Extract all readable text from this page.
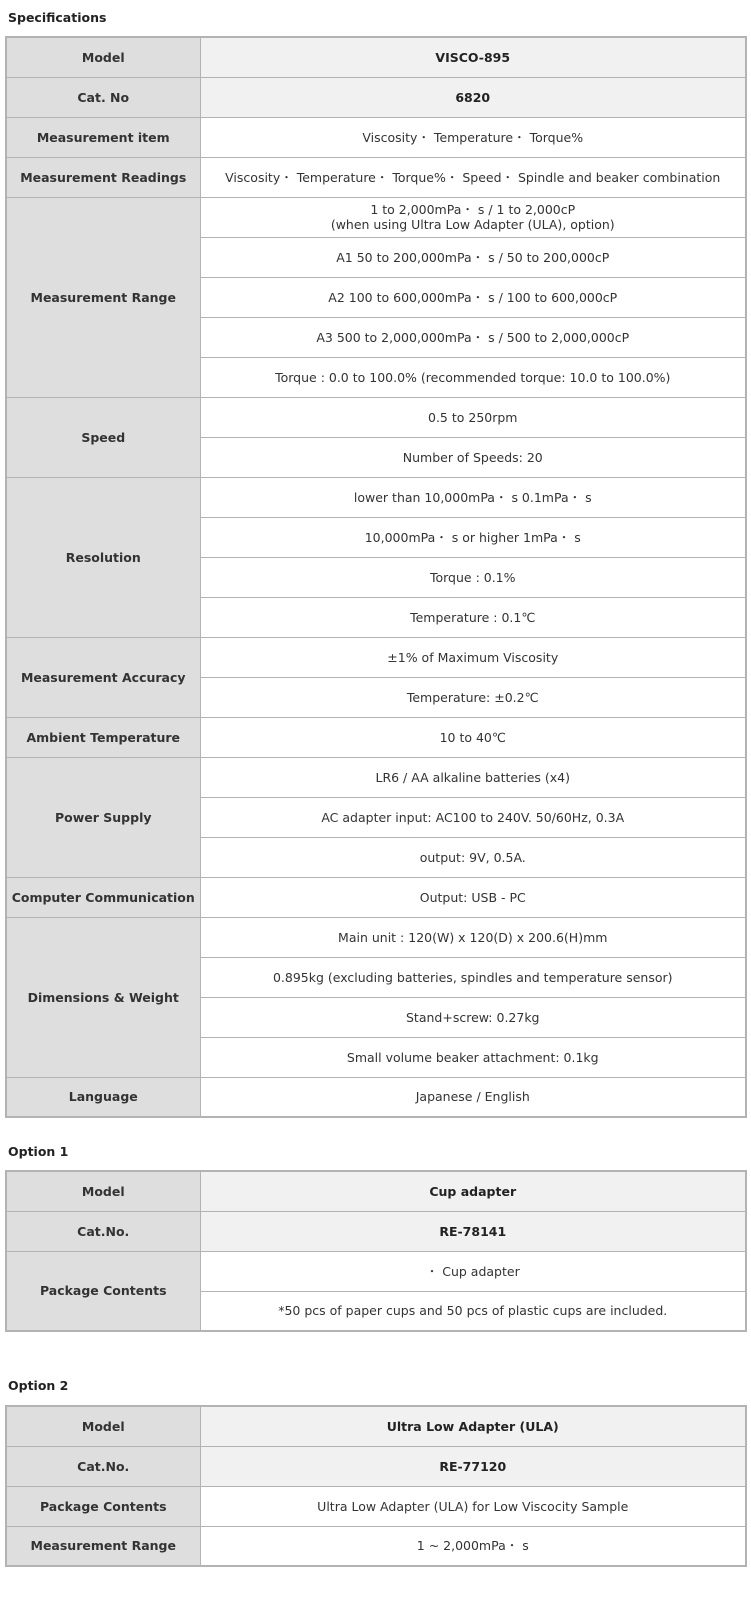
Specifications
Model	VISCO-895
Cat. No	6820
Measurement item	Viscosity・ Temperature・ Torque%
Measurement Readings	Viscosity・ Temperature・ Torque%・ Speed・ Spindle and beaker combination
Measurement Range	1 to 2,000mPa・ s / 1 to 2,000cP
(when using Ultra Low Adapter (ULA), option)
	A1 50 to 200,000mPa・ s / 50 to 200,000cP
	A2 100 to 600,000mPa・ s / 100 to 600,000cP
	A3 500 to 2,000,000mPa・ s / 500 to 2,000,000cP
	Torque : 0.0 to 100.0% (recommended torque: 10.0 to 100.0%)
Speed	0.5 to 250rpm
	Number of Speeds: 20
Resolution	lower than 10,000mPa・ s 0.1mPa・ s
	10,000mPa・ s or higher 1mPa・ s
	Torque : 0.1%
	Temperature : 0.1℃
Measurement Accuracy	±1% of Maximum Viscosity
	Temperature: ±0.2℃
Ambient Temperature	10 to 40℃
Power Supply	LR6 / AA alkaline batteries (x4)
	AC adapter input: AC100 to 240V. 50/60Hz, 0.3A
	output: 9V, 0.5A.
Computer Communication	Output: USB - PC
Dimensions & Weight	Main unit : 120(W) x 120(D) x 200.6(H)mm
	0.895kg (excluding batteries, spindles and temperature sensor)
	Stand+screw: 0.27kg
	Small volume beaker attachment: 0.1kg
Language	Japanese / English
Option 1
Model	Cup adapter
Cat.No.	RE-78141
Package Contents	・ Cup adapter
	*50 pcs of paper cups and 50 pcs of plastic cups are included.
Option 2
Model	Ultra Low Adapter (ULA)
Cat.No.	RE-77120
Package Contents	Ultra Low Adapter (ULA) for Low Viscocity Sample
Measurement Range	1 ~ 2,000mPa・ s
